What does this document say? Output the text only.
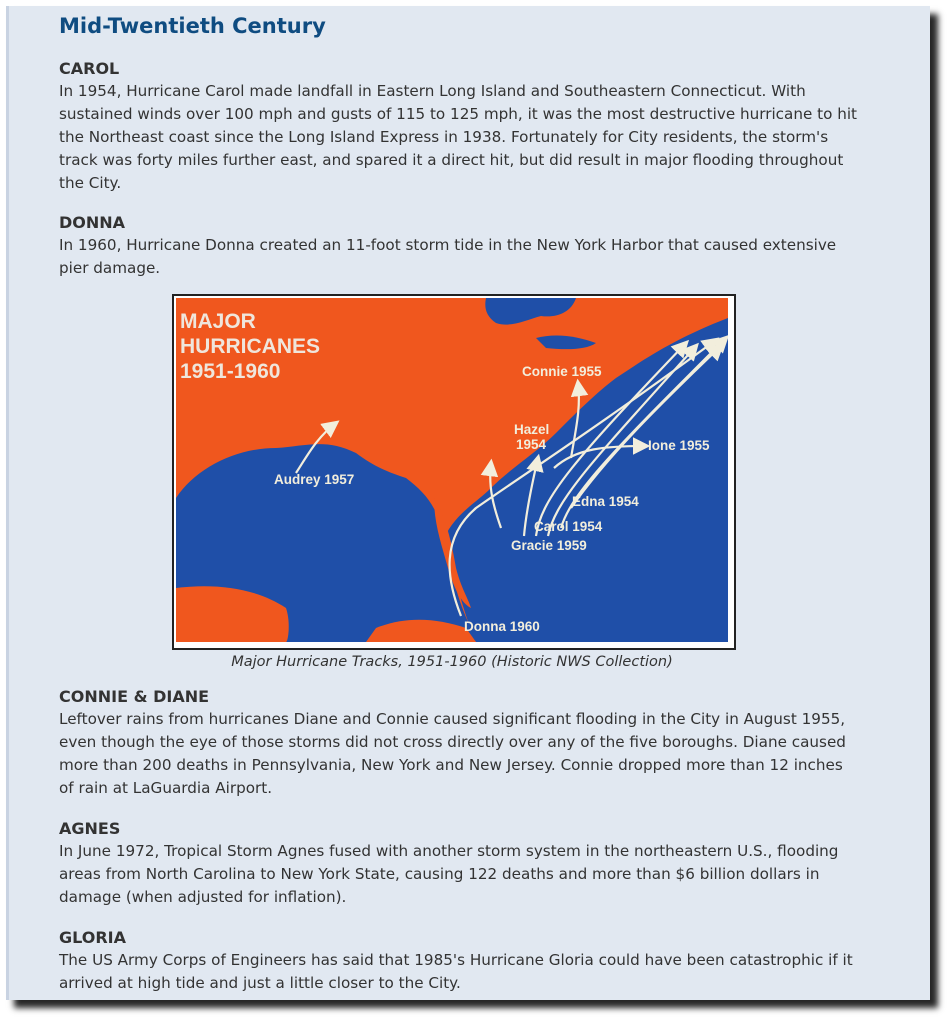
Mid-Twentieth Century
CAROL

In 1954, Hurricane Carol made landfall in Eastern Long Island and Southeastern Connecticut. With sustained winds over 100 mph and gusts of 115 to 125 mph, it was the most destructive hurricane to hit the Northeast coast since the Long Island Express in 1938. Fortunately for City residents, the storm's track was forty miles further east, and spared it a direct hit, but did result in major flooding throughout the City.

DONNA

In 1960, Hurricane Donna created an 11-foot storm tide in the New York Harbor that caused extensive pier damage.

MAJOR
HURRICANES
1951-1960	Connie 1955
Hazel
1954	Ione 1955
Audrey 1957
Edna 1954
Carol 1954
Gracie 1959
Donna 1960
Major Hurricane Tracks, 1951-1960 (Historic NWS Collection)
CONNIE & DIANE

Leftover rains from hurricanes Diane and Connie caused significant flooding in the City in August 1955, even though the eye of those storms did not cross directly over any of the five boroughs. Diane caused more than 200 deaths in Pennsylvania, New York and New Jersey. Connie dropped more than 12 inches of rain at LaGuardia Airport.

AGNES

In June 1972, Tropical Storm Agnes fused with another storm system in the northeastern U.S., flooding areas from North Carolina to New York State, causing 122 deaths and more than $6 billion dollars in damage (when adjusted for inflation).

GLORIA

The US Army Corps of Engineers has said that 1985's Hurricane Gloria could have been catastrophic if it arrived at high tide and just a little closer to the City.
